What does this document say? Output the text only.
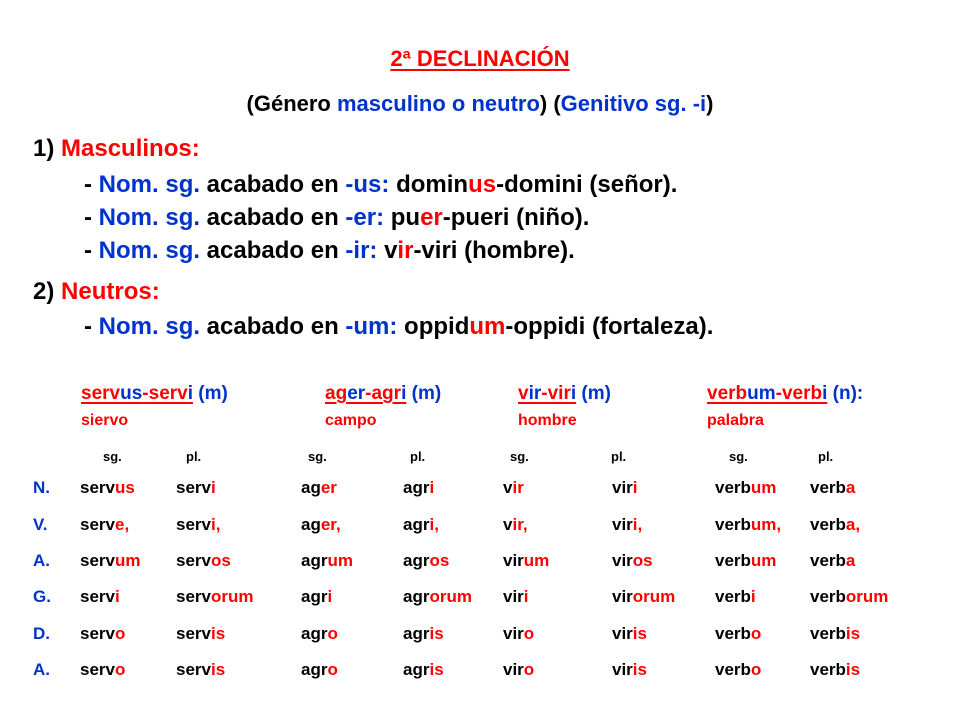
2ª DECLINACIÓN
(Género masculino o neutro) (Genitivo sg. -i)
1) Masculinos:
- Nom. sg. acabado en -us: dominus-domini (señor).
- Nom. sg. acabado en -er: puer-pueri (niño).
- Nom. sg. acabado en -ir: vir-viri (hombre).
2) Neutros:
- Nom. sg. acabado en -um: oppidum-oppidi (fortaleza).
servus-servi (m)	ager-agri (m)	vir-viri (m)	verbum-verbi (n):
siervo	campo	hombre	palabra
sg.	pl.	sg.	pl.	sg.	pl.	sg.	pl.
N. servus servi	ager	agri	vir	viri	verbum verba
V. serve,	servi,	ager,	agri,	vir,	viri,	verbum, verba,
A. servum servos	agrum	agros	virum	viros	verbum verba
G. servi	servorum	agri	agrorum viri	virorum verbi	verborum
D. servo	servis	agro	agris	viro	viris	verbo	verbis
A. servo	servis	agro	agris	viro	viris	verbo	verbis
